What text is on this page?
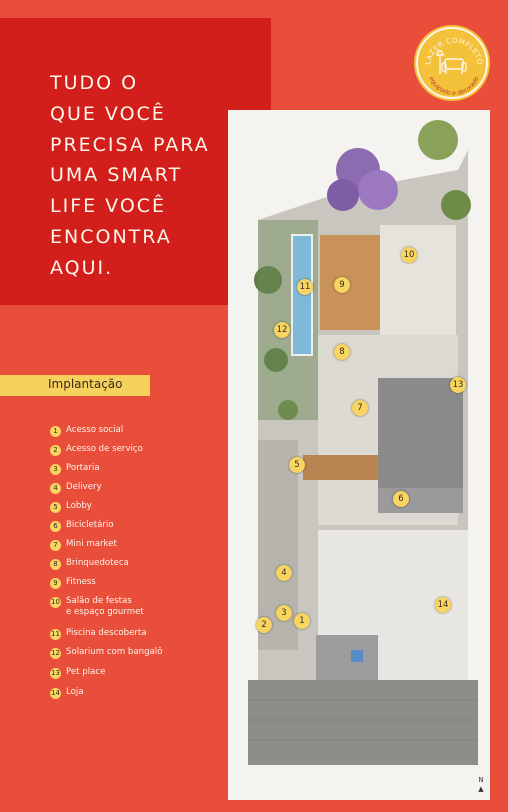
TUDO O
QUE VOCÊ
PRECISA PARA
UMA SMART
LIFE VOCÊ
ENCONTRA
AQUI.
LAZER COMPLETO
equipado e decorado
Implantação
1 Acesso social
2 Acesso de serviço
3 Portaria
4 Delivery
5 Lobby
6 Bicicletário
7 Mini market
8 Brinquedoteca
9 Fitness
10 Salão de festas
e espaço gourmet
11 Piscina descoberta
12 Solarium com bangalô
13 Pet place
14 Loja
10
11	9
12
8
13
7
5
6
4
14
3
2	1
N
▲
